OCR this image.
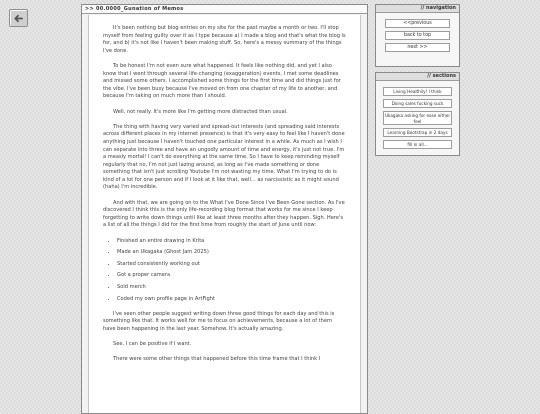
>> 00.0000_Gunation of Memos

It's been nothing but blog entries on my site for the past maybe a month or two. I'll stop myself from feeling guilty over it as I type because a) I made a blog and that's what the blog is for, and b) it's not like I haven't been making stuff. So, here's a messy summary of the things I've done.

To be honest I'm not even sure what happened. It feels like nothing did, and yet I also know that I went through several life-changing (exaggeration) events, I met some deadlines and missed some others. I accomplished some things for the first time and did things just for the vibe. I've been busy because I've moved on from one chapter of my life to another, and because I'm taking on much more than I should.

Well, not really. It's more like I'm getting more distracted than usual.

The thing with having very varied and spread-out interests (and spreading said interests across different places in my internet presence) is that it's very easy to feel like I haven't done anything just because I haven't touched one particular interest in a while. As much as I wish I can separate into three and have an ungodly amount of time and energy, it's just not true. I'm a measly mortal! I can't do everything at the same time. So I have to keep reminding myself regularly that no, I'm not just lazing around, as long as I've made something or done something that isn't just scrolling Youtube I'm not wasting my time. What I'm trying to do is kind of a lot for one person and if I look at it like that, well... as narcissistic as it might sound (haha) I'm incredible.

And with that, we are going on to the What I've Done Since I've Been Gone section. As I've discovered I think this is the only life-recording blog format that works for me since I keep forgetting to write down things until like at least three months after they happen. Sigh. Here's a list of all the things I did for the first time from roughly the start of June until now:

• Finished an entire drawing in Krita
• Made an Ukagaka (Ghost Jam 2025)
• Started consistently working out
• Got a proper camera
• Sold merch
• Coded my own profile page in ArtFight

I've seen other people suggest writing down three good things for each day and this is something like that. It works well for me to focus on achievements, because a lot of them have been happening in the last year. Somehow. It's actually amazing.

See, I can be positive if I want.

There were some other things that happened before this time frame that I think I

// navigation
<<previous
back to top
next >>
// sections
Living Healthily! I think
Doing sales fucking suck
Ukagaka asking for ease either feel
Learning Bootstrap in 2 days
fill in all...
